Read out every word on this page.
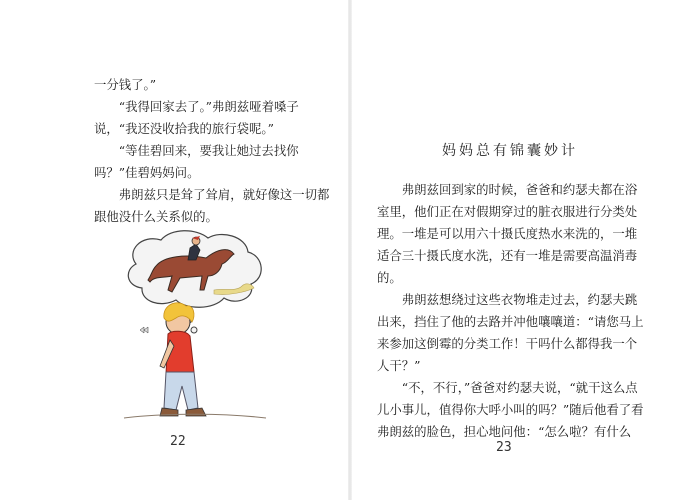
一分钱了。”

“我得回家去了。”弗朗兹哑着嗓子说，“我还没收拾我的旅行袋呢。”

“等佳碧回来，要我让她过去找你吗？”佳碧妈妈问。

弗朗兹只是耸了耸肩，就好像这一切都跟他没什么关系似的。

22
妈妈总有锦囊妙计

弗朗兹回到家的时候，爸爸和约瑟夫都在浴室里，他们正在对假期穿过的脏衣服进行分类处理。一堆是可以用六十摄氏度热水来洗的，一堆适合三十摄氏度水洗，还有一堆是需要高温消毒的。

弗朗兹想绕过这些衣物堆走过去，约瑟夫跳出来，挡住了他的去路并冲他嚷嚷道：“请您马上来参加这倒霉的分类工作！干吗什么都得我一个人干？”

“不，不行，”爸爸对约瑟夫说，“就干这么点儿小事儿，值得你大呼小叫的吗？”随后他看了看弗朗兹的脸色，担心地问他：“怎么啦？有什么

23
